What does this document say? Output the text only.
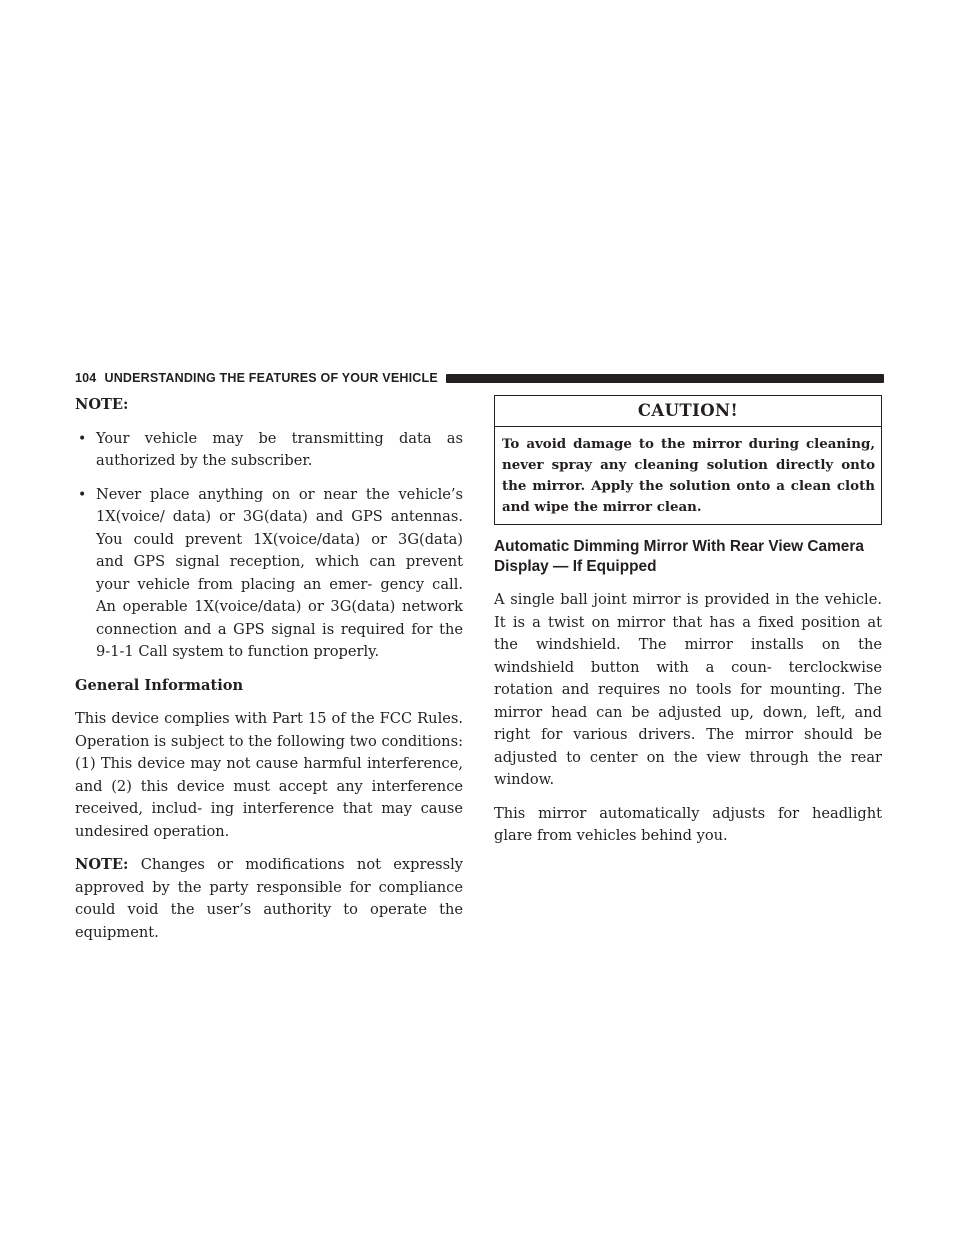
104 UNDERSTANDING THE FEATURES OF YOUR VEHICLE
NOTE:
• Your vehicle may be transmitting data as authorized by the subscriber.
• Never place anything on or near the vehicle’s 1X(voice/ data) or 3G(data) and GPS antennas. You could prevent 1X(voice/data) or 3G(data) and GPS signal reception, which can prevent your vehicle from placing an emer- gency call. An operable 1X(voice/data) or 3G(data) network connection and a GPS signal is required for the 9-1-1 Call system to function properly.

General Information

This device complies with Part 15 of the FCC Rules. Operation is subject to the following two conditions: (1) This device may not cause harmful interference, and (2) this device must accept any interference received, includ- ing interference that may cause undesired operation.

NOTE: Changes or modifications not expressly approved by the party responsible for compliance could void the user’s authority to operate the equipment.

CAUTION!
To avoid damage to the mirror during cleaning, never spray any cleaning solution directly onto the mirror. Apply the solution onto a clean cloth and wipe the mirror clean.
Automatic Dimming Mirror With Rear View Camera Display — If Equipped

A single ball joint mirror is provided in the vehicle. It is a twist on mirror that has a fixed position at the windshield. The mirror installs on the windshield button with a coun- terclockwise rotation and requires no tools for mounting. The mirror head can be adjusted up, down, left, and right for various drivers. The mirror should be adjusted to center on the view through the rear window.

This mirror automatically adjusts for headlight glare from vehicles behind you.
